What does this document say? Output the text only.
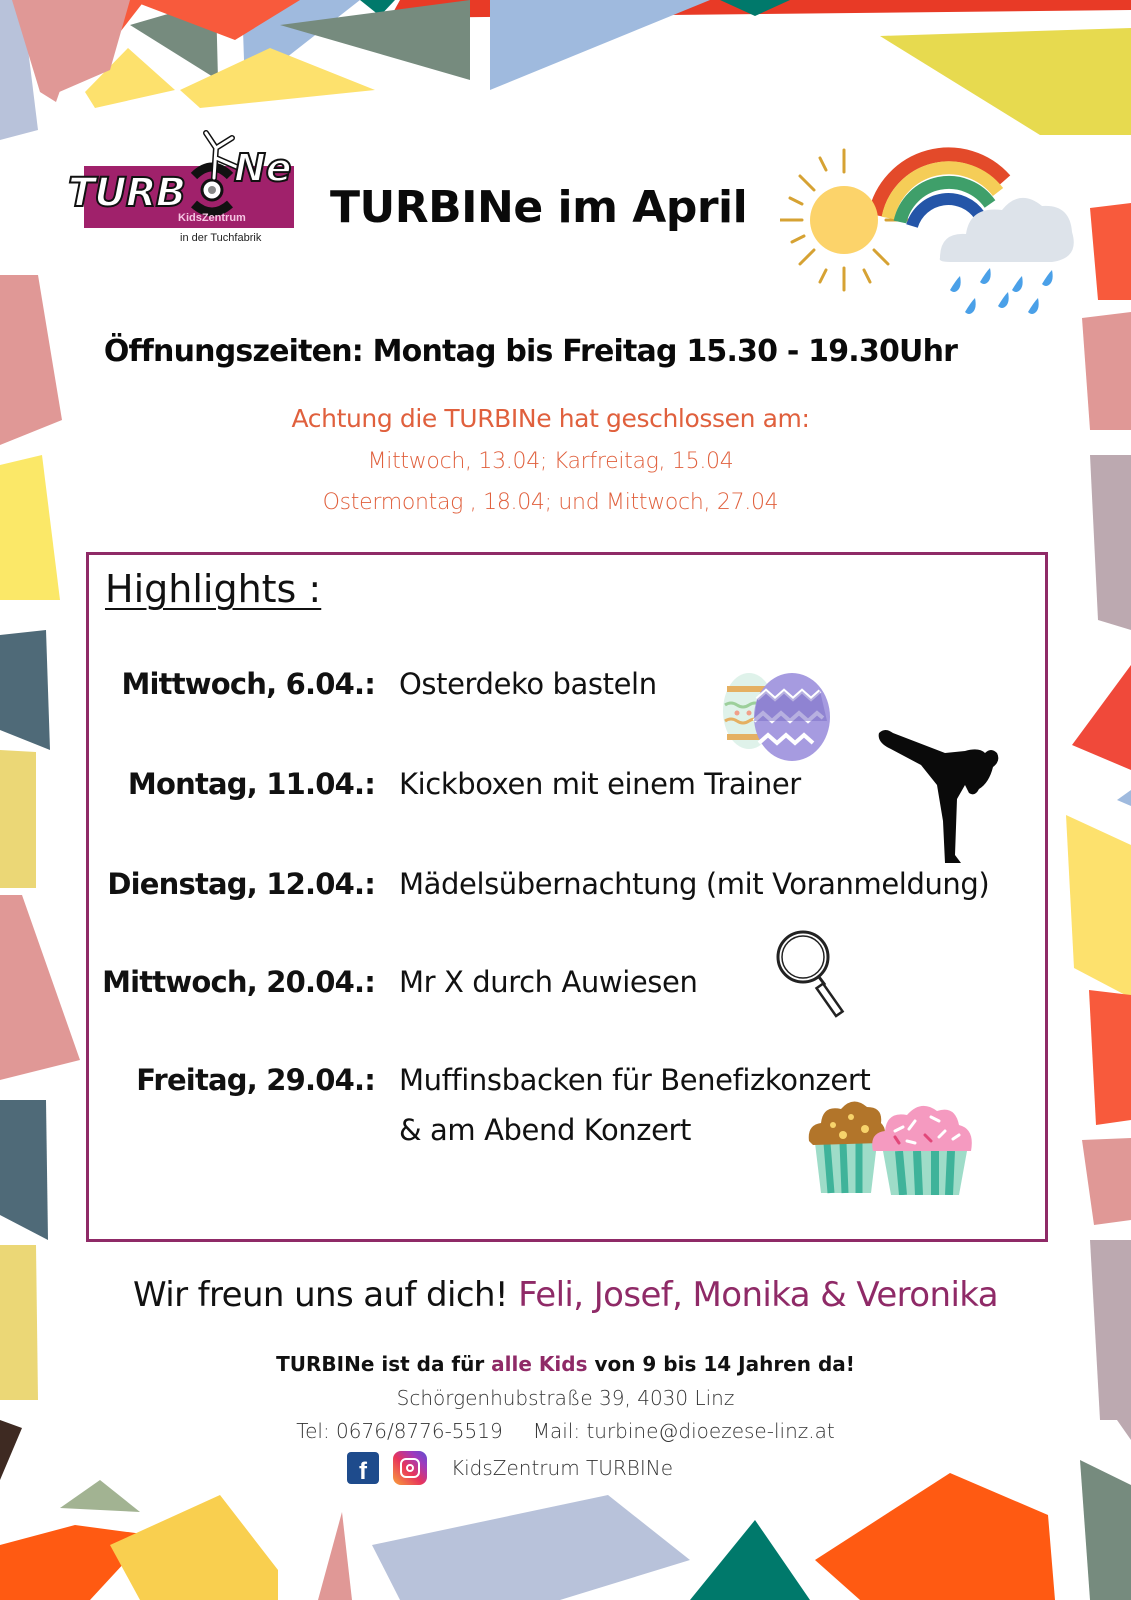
TURB
Ne
KidsZentrum
in der Tuchfabrik
TURBINe im April
Öffnungszeiten: Montag bis Freitag 15.30 - 19.30Uhr
Achtung die TURBINe hat geschlossen am:
Mittwoch, 13.04; Karfreitag, 15.04
Ostermontag , 18.04; und Mittwoch, 27.04
Highlights :
Mittwoch, 6.04.: Osterdeko basteln
Montag, 11.04.: Kickboxen mit einem Trainer
Dienstag, 12.04.: Mädelsübernachtung (mit Voranmeldung)
Mittwoch, 20.04.: Mr X durch Auwiesen
Freitag, 29.04.: Muffinsbacken für Benefizkonzert
& am Abend Konzert
Wir freun uns auf dich! Feli, Josef, Monika & Veronika
TURBINe ist da für alle Kids von 9 bis 14 Jahren da!
Schörgenhubstraße 39, 4030 Linz
Tel: 0676/8776-5519 Mail: turbine@dioezese-linz.at
f	KidsZentrum TURBINe
